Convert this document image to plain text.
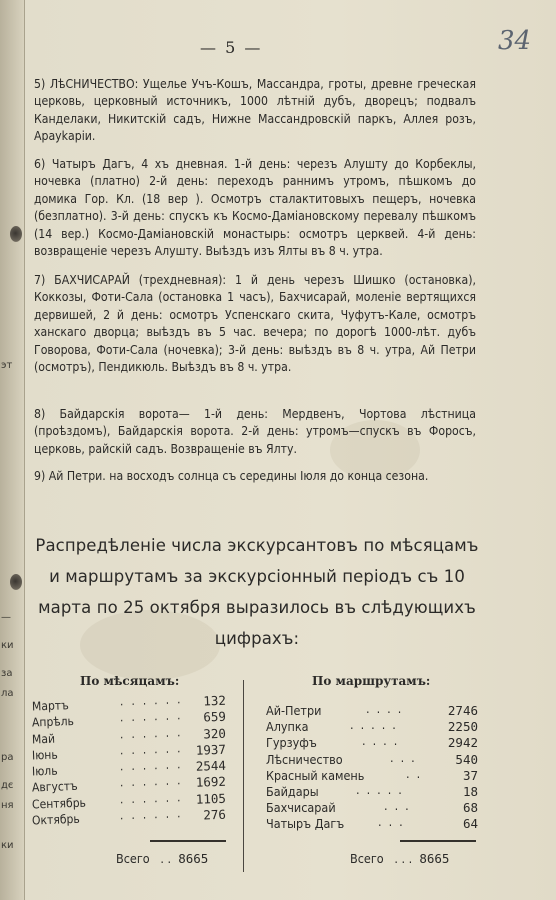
эт
—
ки
за
ла
ра
дє
ня
ки
— 5 —	34
5) ЛѣСНИЧЕСТВО: Ущелье Учъ-Кошъ, Массандра, гроты, древне греческая церковь, церковный источникъ, 1000 лѣтній дубъ, дворецъ; подвалъ Канделаки, Никитскій садъ, Нижне Массандровскій паркъ, Аллея розъ, Арауkаріи.
6) Чатыръ Дагъ, 4 хъ дневная. 1-й день: черезъ Алушту до Корбеклы, ночевка (платно) 2-й день: переходъ раннимъ утромъ, пѣшкомъ до домика Гор. Кл. (18 вер ). Осмотръ сталактитовыхъ пещеръ, ночевка (безплатно). 3-й день: спускъ къ Космо-Дамiановскому перевалу пѣшкомъ (14 вер.) Космо-Дамiановскій монастырь: осмотръ церквей. 4-й день: возвращеніе черезъ Алушту. Выѣздъ изъ Ялты въ 8 ч. утра.
7) БАХЧИСАРАЙ (трехдневная): 1 й день черезъ Шишко (остановка), Коккозы, Фоти-Сала (остановка 1 часъ), Бахчисарай, моленіе вертящихся дервишей, 2 й день: осмотръ Успенскаго скита, Чуфутъ-Кале, осмотръ ханскаго дворца; выѣздъ въ 5 час. вечера; по дорогѣ 1000-лѣт. дубъ Говорова, Фоти-Сала (ночевка); 3-й день: выѣздъ въ 8 ч. утра, Ай Петри (осмотръ), Пендикюль. Выѣздъ въ 8 ч. утра.
8) Байдарскія ворота— 1-й день: Мердвенъ, Чортова лѣстница (проѣздомъ), Байдарскія ворота. 2-й день: утромъ—спускъ въ Форосъ, церковь, райскій садъ. Возвращеніе въ Ялту.
9) Ай Петри. на восходъ солнца съ середины Iюля до конца сезона.
Распредѣленіе числа экскурсантовъ по мѣсяцамъ и маршрутамъ за экскурсіонный періодъ съ 10 марта по 25 октября выразилось въ слѣдующихъ цифрахъ:
По мѣсяцамъ:	По маршрутамъ:
Мартъ	...... 132
Апрѣль	...... 659
Май	...... 320
Iюнь	...... 1937
Iюль	...... 2544
Августъ	...... 1692
Сентябрь	...... 1105
Октябрь	...... 276
Ай-Петри	....	2746
Алупка	.....	2250
Гурзуфъ	....	2942
Лѣсничество	...	540
Красный камень	..	37
Байдары	.....	18
Бахчисарай	...	68
Чатыръ Дагъ	...	64
Всего   . .  8665	Всего   . . .  8665
